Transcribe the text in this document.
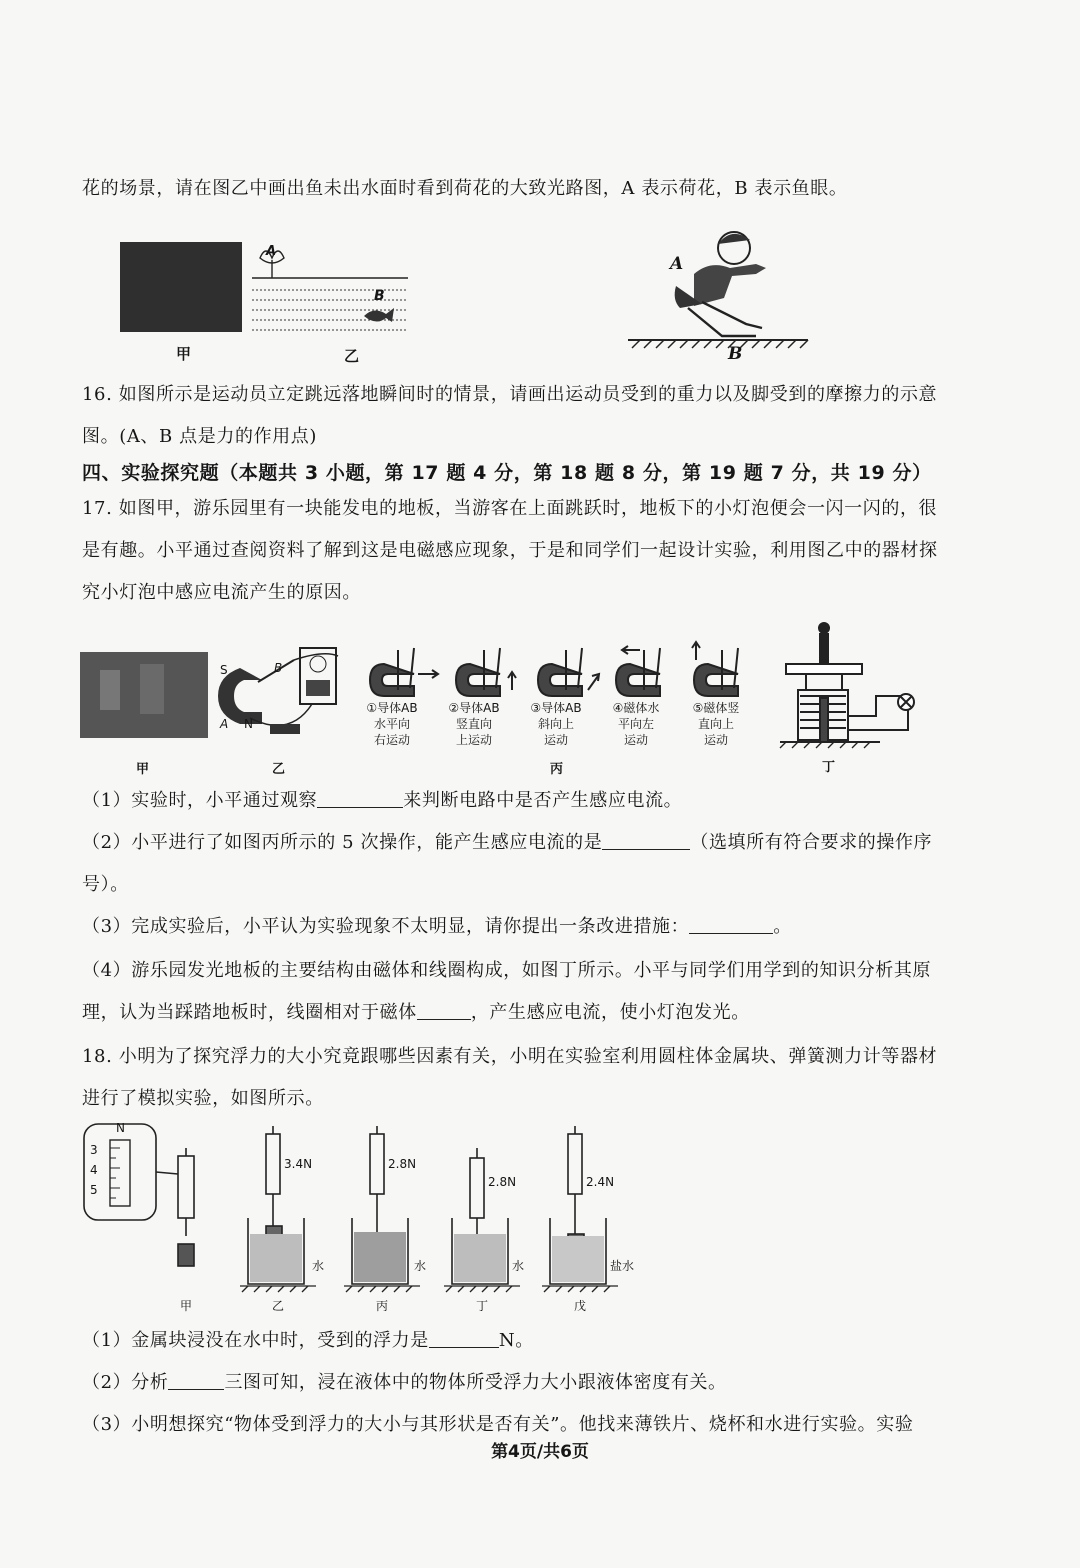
花的场景，请在图乙中画出鱼未出水面时看到荷花的大致光路图，A 表示荷花，B 表示鱼眼。
A
B
甲	乙
A
B
16. 如图所示是运动员立定跳远落地瞬间时的情景，请画出运动员受到的重力以及脚受到的摩擦力的示意
图。(A、B 点是力的作用点)
四、实验探究题（本题共 3 小题，第 17 题 4 分，第 18 题 8 分，第 19 题 7 分，共 19 分）
17. 如图甲，游乐园里有一块能发电的地板，当游客在上面跳跃时，地板下的小灯泡便会一闪一闪的，很
是有趣。小平通过查阅资料了解到这是电磁感应现象，于是和同学们一起设计实验，利用图乙中的器材探
究小灯泡中感应电流产生的原因。
S	B
A N
①导体AB
水平向
右运动
②导体AB
竖直向
上运动
③导体AB
斜向上
运动
④磁体水
平向左
运动
⑤磁体竖
直向上
运动
甲	乙	丙	丁
（1）实验时，小平通过观察	来判断电路中是否产生感应电流。
（2）小平进行了如图丙所示的 5 次操作，能产生感应电流的是	（选填所有符合要求的操作序
号）。
（3）完成实验后，小平认为实验现象不太明显，请你提出一条改进措施：	。
（4）游乐园发光地板的主要结构由磁体和线圈构成，如图丁所示。小平与同学们用学到的知识分析其原
理，认为当踩踏地板时，线圈相对于磁体	，产生感应电流，使小灯泡发光。
18. 小明为了探究浮力的大小究竟跟哪些因素有关，小明在实验室利用圆柱体金属块、弹簧测力计等器材
进行了模拟实验，如图所示。
N
3
4
5
3.4N	2.8N
2.8N	2.4N
水	水	水	盐水
甲	乙	丙	丁	戊
（1）金属块浸没在水中时，受到的浮力是	N。
（2）分析	三图可知，浸在液体中的物体所受浮力大小跟液体密度有关。
（3）小明想探究“物体受到浮力的大小与其形状是否有关”。他找来薄铁片、烧杯和水进行实验。实验
第4页/共6页
